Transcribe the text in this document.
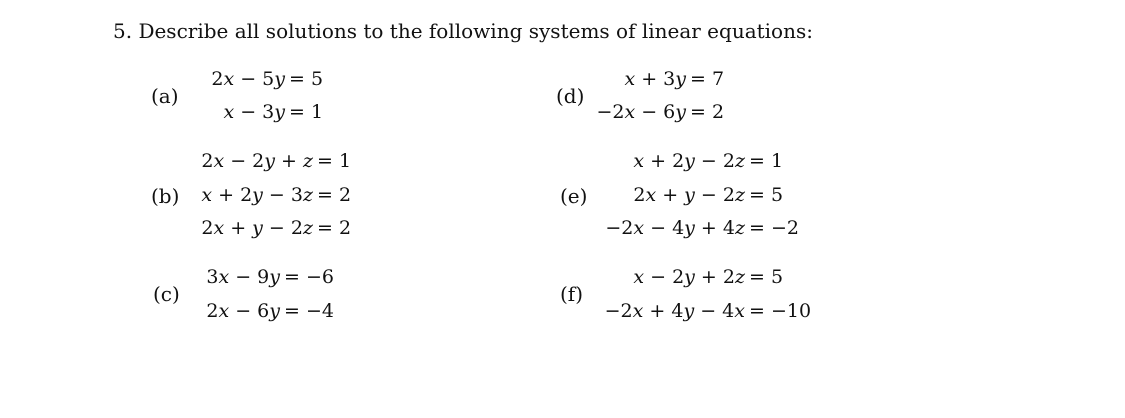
5. Describe all solutions to the following systems of linear equations:
(a)
2𝑥 − 5𝑦 = 5
𝑥 − 3𝑦 = 1
(b)
2𝑥 − 2𝑦 + 𝑧 = 1
𝑥 + 2𝑦 − 3𝑧 = 2
2𝑥 + 𝑦 − 2𝑧 = 2
(c)
3𝑥 − 9𝑦 = −6
2𝑥 − 6𝑦 = −4
(d)
𝑥 + 3𝑦 = 7
−2𝑥 − 6𝑦 = 2
(e)
𝑥 + 2𝑦 − 2𝑧 = 1
2𝑥 + 𝑦 − 2𝑧 = 5
−2𝑥 − 4𝑦 + 4𝑧 = −2
(f)
𝑥 − 2𝑦 + 2𝑧 = 5
−2𝑥 + 4𝑦 − 4𝑥 = −10
